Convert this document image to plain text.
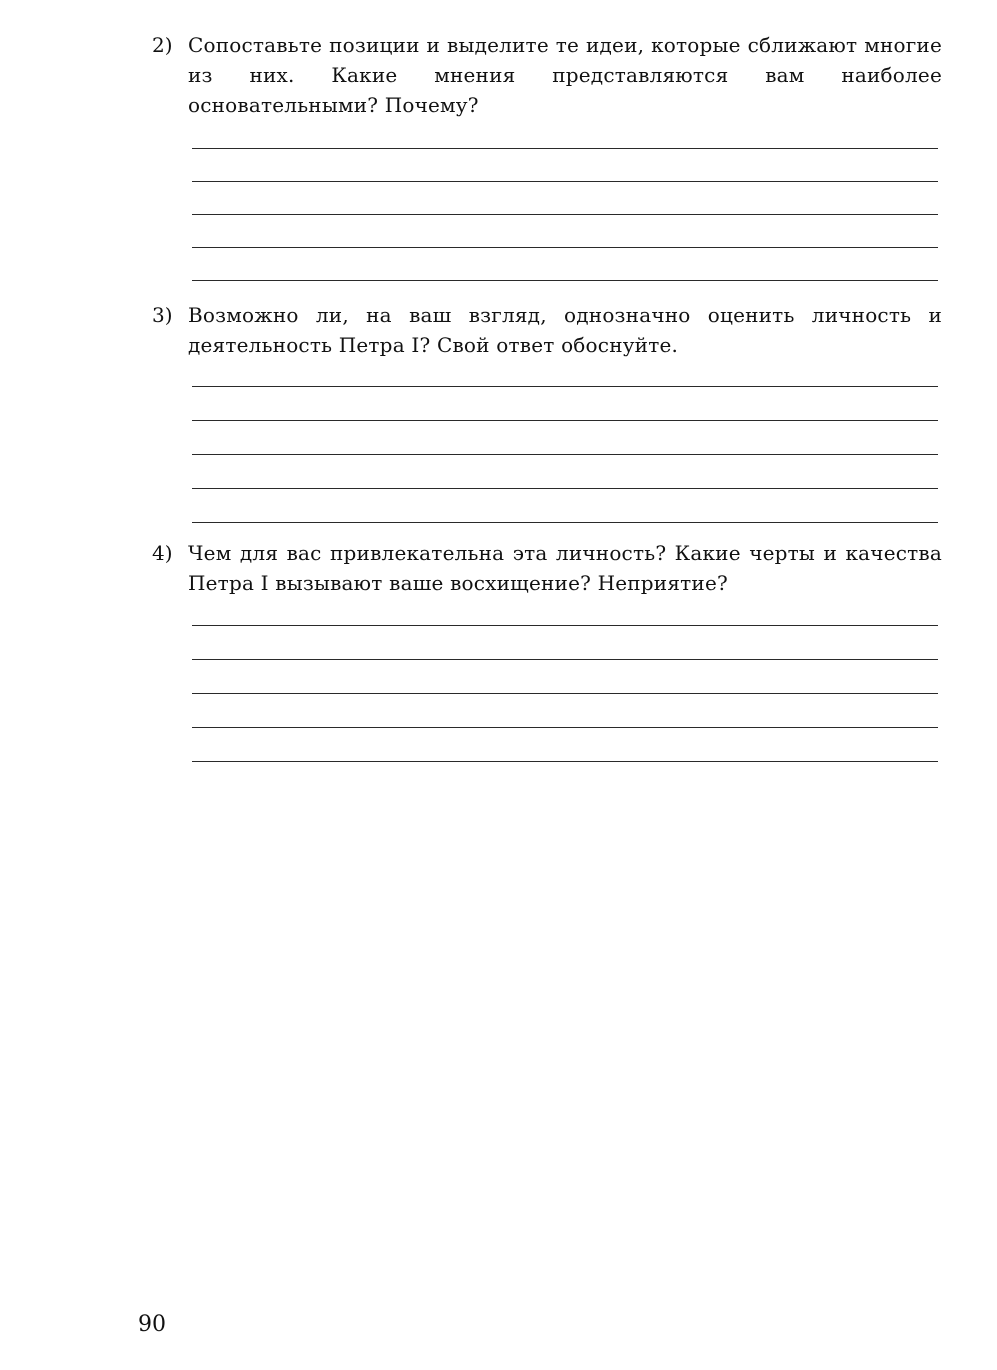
2) Сопоставьте позиции и выделите те идеи, которые сближают многие из них. Какие мнения представляются вам наиболее основательными? Почему?
3) Возможно ли, на ваш взгляд, однозначно оценить личность и деятельность Петра I? Свой ответ обоснуйте.
4) Чем для вас привлекательна эта личность? Какие черты и качества Петра I вызывают ваше восхищение? Неприятие?
90
